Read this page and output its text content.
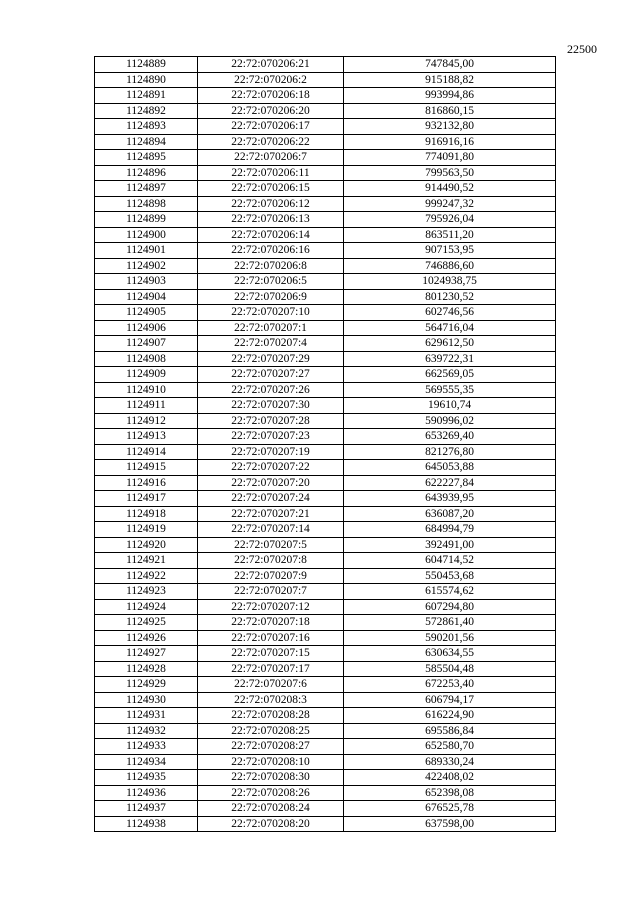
22500
1124889	22:72:070206:21	747845,00
1124890	22:72:070206:2	915188,82
1124891	22:72:070206:18	993994,86
1124892	22:72:070206:20	816860,15
1124893	22:72:070206:17	932132,80
1124894	22:72:070206:22	916916,16
1124895	22:72:070206:7	774091,80
1124896	22:72:070206:11	799563,50
1124897	22:72:070206:15	914490,52
1124898	22:72:070206:12	999247,32
1124899	22:72:070206:13	795926,04
1124900	22:72:070206:14	863511,20
1124901	22:72:070206:16	907153,95
1124902	22:72:070206:8	746886,60
1124903	22:72:070206:5	1024938,75
1124904	22:72:070206:9	801230,52
1124905	22:72:070207:10	602746,56
1124906	22:72:070207:1	564716,04
1124907	22:72:070207:4	629612,50
1124908	22:72:070207:29	639722,31
1124909	22:72:070207:27	662569,05
1124910	22:72:070207:26	569555,35
1124911	22:72:070207:30	19610,74
1124912	22:72:070207:28	590996,02
1124913	22:72:070207:23	653269,40
1124914	22:72:070207:19	821276,80
1124915	22:72:070207:22	645053,88
1124916	22:72:070207:20	622227,84
1124917	22:72:070207:24	643939,95
1124918	22:72:070207:21	636087,20
1124919	22:72:070207:14	684994,79
1124920	22:72:070207:5	392491,00
1124921	22:72:070207:8	604714,52
1124922	22:72:070207:9	550453,68
1124923	22:72:070207:7	615574,62
1124924	22:72:070207:12	607294,80
1124925	22:72:070207:18	572861,40
1124926	22:72:070207:16	590201,56
1124927	22:72:070207:15	630634,55
1124928	22:72:070207:17	585504,48
1124929	22:72:070207:6	672253,40
1124930	22:72:070208:3	606794,17
1124931	22:72:070208:28	616224,90
1124932	22:72:070208:25	695586,84
1124933	22:72:070208:27	652580,70
1124934	22:72:070208:10	689330,24
1124935	22:72:070208:30	422408,02
1124936	22:72:070208:26	652398,08
1124937	22:72:070208:24	676525,78
1124938	22:72:070208:20	637598,00
